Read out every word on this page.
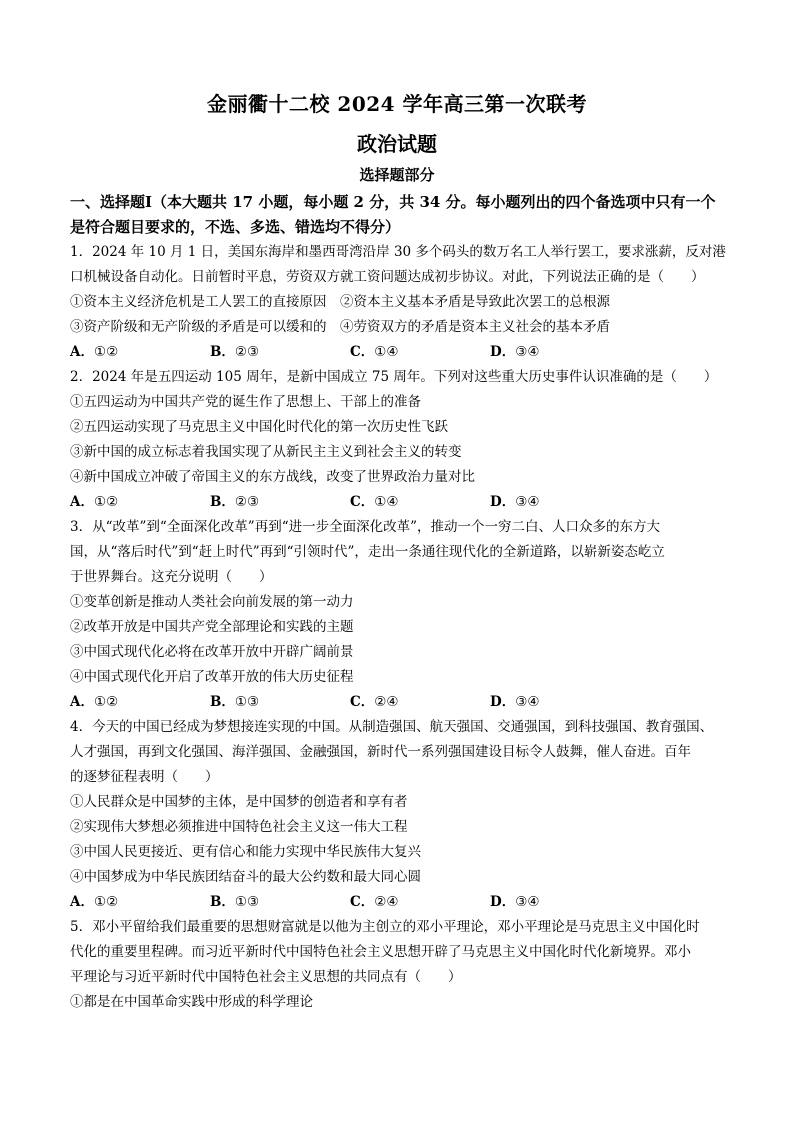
金丽衢十二校 2024 学年高三第一次联考
政治试题
选择题部分
一、选择题Ⅰ（本大题共 17 小题，每小题 2 分，共 34 分。每小题列出的四个备选项中只有一个是符合题目要求的，不选、多选、错选均不得分）
1．2024 年 10 月 1 日，美国东海岸和墨西哥湾沿岸 30 多个码头的数万名工人举行罢工，要求涨薪，反对港
口机械设备自动化。日前暂时平息，劳资双方就工资问题达成初步协议。对此，下列说法正确的是（　　）
①资本主义经济危机是工人罢工的直接原因　②资本主义基本矛盾是导致此次罢工的总根源
③资产阶级和无产阶级的矛盾是可以缓和的　④劳资双方的矛盾是资本主义社会的基本矛盾
A．①②	B．②③	C．①④	D．③④
2．2024 年是五四运动 105 周年，是新中国成立 75 周年。下列对这些重大历史事件认识准确的是（　　）
①五四运动为中国共产党的诞生作了思想上、干部上的准备
②五四运动实现了马克思主义中国化时代化的第一次历史性飞跃
③新中国的成立标志着我国实现了从新民主主义到社会主义的转变
④新中国成立冲破了帝国主义的东方战线，改变了世界政治力量对比
A．①②	B．②③	C．①④	D．③④
3．从“改革”到“全面深化改革”再到“进一步全面深化改革”，推动一个一穷二白、人口众多的东方大
国，从“落后时代”到“赶上时代”再到“引领时代”，走出一条通往现代化的全新道路，以崭新姿态屹立
于世界舞台。这充分说明（　　）
①变革创新是推动人类社会向前发展的第一动力
②改革开放是中国共产党全部理论和实践的主题
③中国式现代化必将在改革开放中开辟广阔前景
④中国式现代化开启了改革开放的伟大历史征程
A．①②	B．①③	C．②④	D．③④
4．今天的中国已经成为梦想接连实现的中国。从制造强国、航天强国、交通强国，到科技强国、教育强国、
人才强国，再到文化强国、海洋强国、金融强国，新时代一系列强国建设目标令人鼓舞，催人奋进。百年
的逐梦征程表明（　　）
①人民群众是中国梦的主体，是中国梦的创造者和享有者
②实现伟大梦想必须推进中国特色社会主义这一伟大工程
③中国人民更接近、更有信心和能力实现中华民族伟大复兴
④中国梦成为中华民族团结奋斗的最大公约数和最大同心圆
A．①②	B．①③	C．②④	D．③④
5．邓小平留给我们最重要的思想财富就是以他为主创立的邓小平理论，邓小平理论是马克思主义中国化时
代化的重要里程碑。而习近平新时代中国特色社会主义思想开辟了马克思主义中国化时代化新境界。邓小
平理论与习近平新时代中国特色社会主义思想的共同点有（　　）
①都是在中国革命实践中形成的科学理论
